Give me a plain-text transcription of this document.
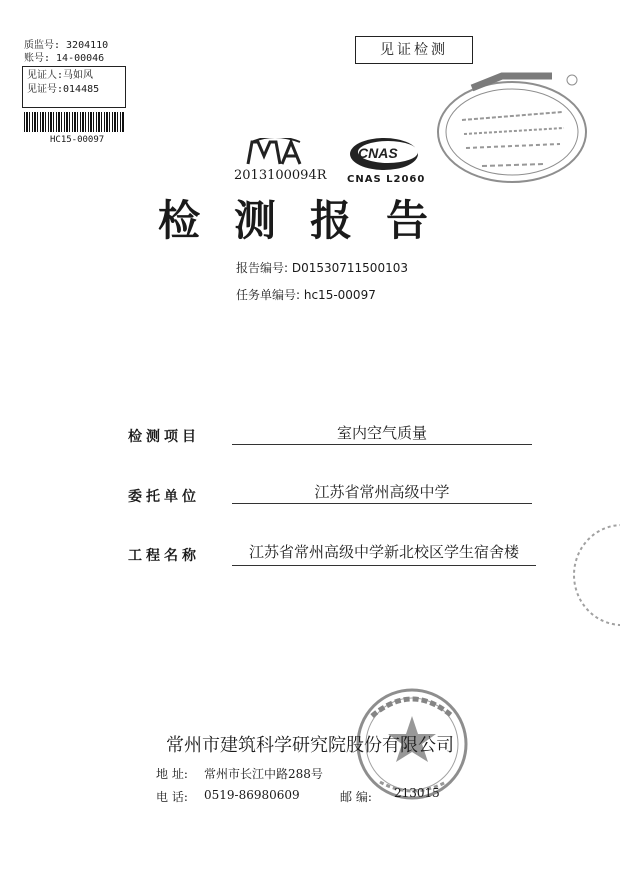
质监号: 3204110
账号: 14-00046
见证人:马如风
见证号:014485
HC15-00097
见证检测
2013100094R
CNAS
CNAS L2060
检测报告
报告编号: D01530711500103
任务单编号: hc15-00097
检测项目	室内空气质量
委托单位	江苏省常州高级中学
工程名称	江苏省常州高级中学新北校区学生宿舍楼
常州市建筑科学研究院股份有限公司
地 址: 常州市长江中路288号
电 话: 0519-86980609	邮 编: 213015
